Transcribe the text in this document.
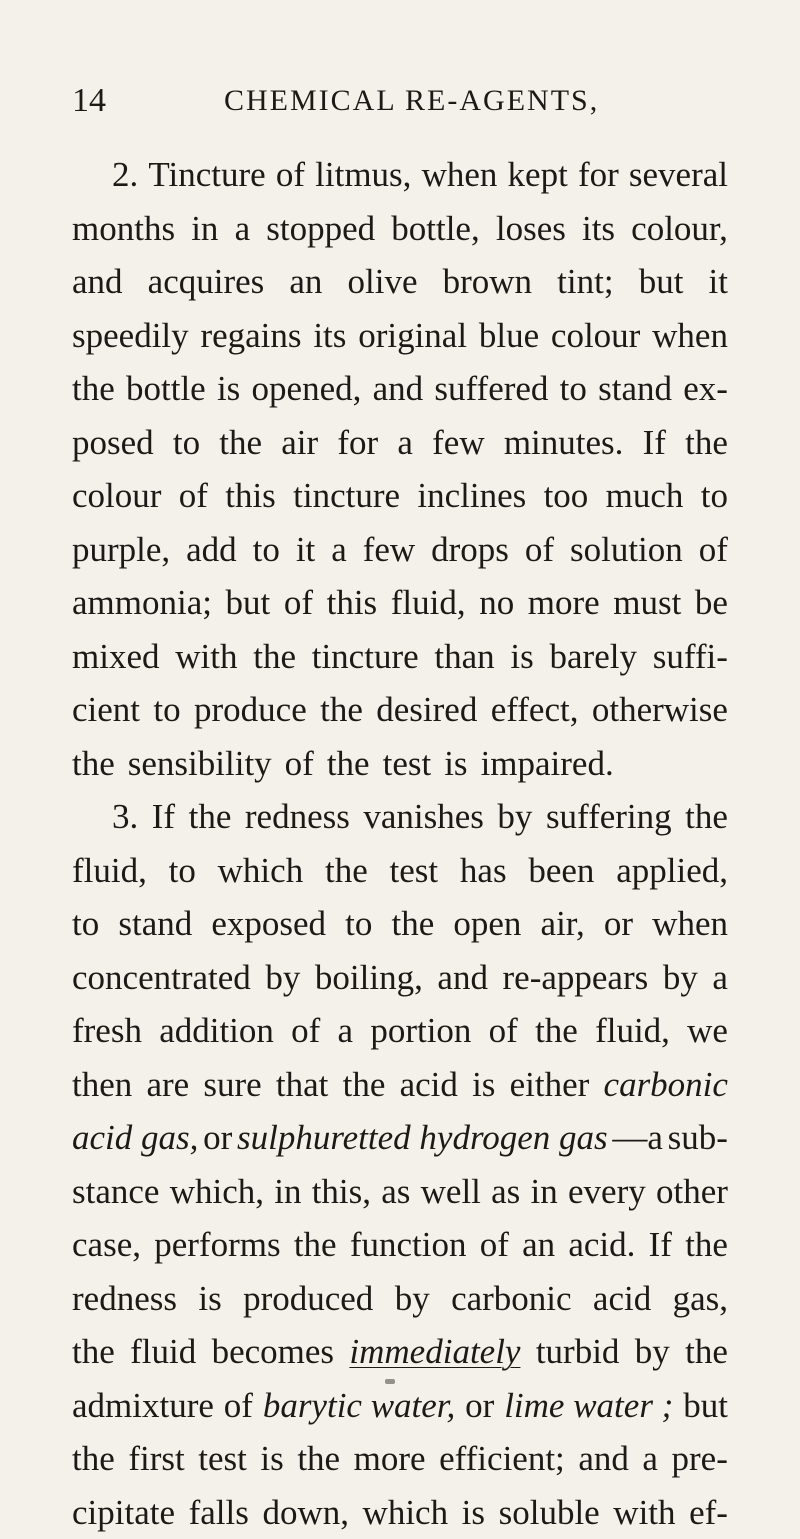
14	CHEMICAL RE-AGENTS,
2. Tincture of litmus, when kept for several
months in a stopped bottle, loses its colour,
and acquires an olive brown tint; but it
speedily regains its original blue colour when
the bottle is opened, and suffered to stand ex-
posed to the air for a few minutes. If the
colour of this tincture inclines too much to
purple, add to it a few drops of solution of
ammonia; but of this fluid, no more must be
mixed with the tincture than is barely suffi-
cient to produce the desired effect, otherwise
the sensibility of the test is impaired.
3. If the redness vanishes by suffering the
fluid, to which the test has been applied,
to stand exposed to the open air, or when
concentrated by boiling, and re-appears by a
fresh addition of a portion of the fluid, we
then are sure that the acid is either carbonic
acid gas, or sulphuretted hydrogen gas —a sub-
stance which, in this, as well as in every other
case, performs the function of an acid. If the
redness is produced by carbonic acid gas,
the fluid becomes immediately turbid by the
admixture of barytic water, or lime water ; but
the first test is the more efficient; and a pre-
cipitate falls down, which is soluble with ef-
